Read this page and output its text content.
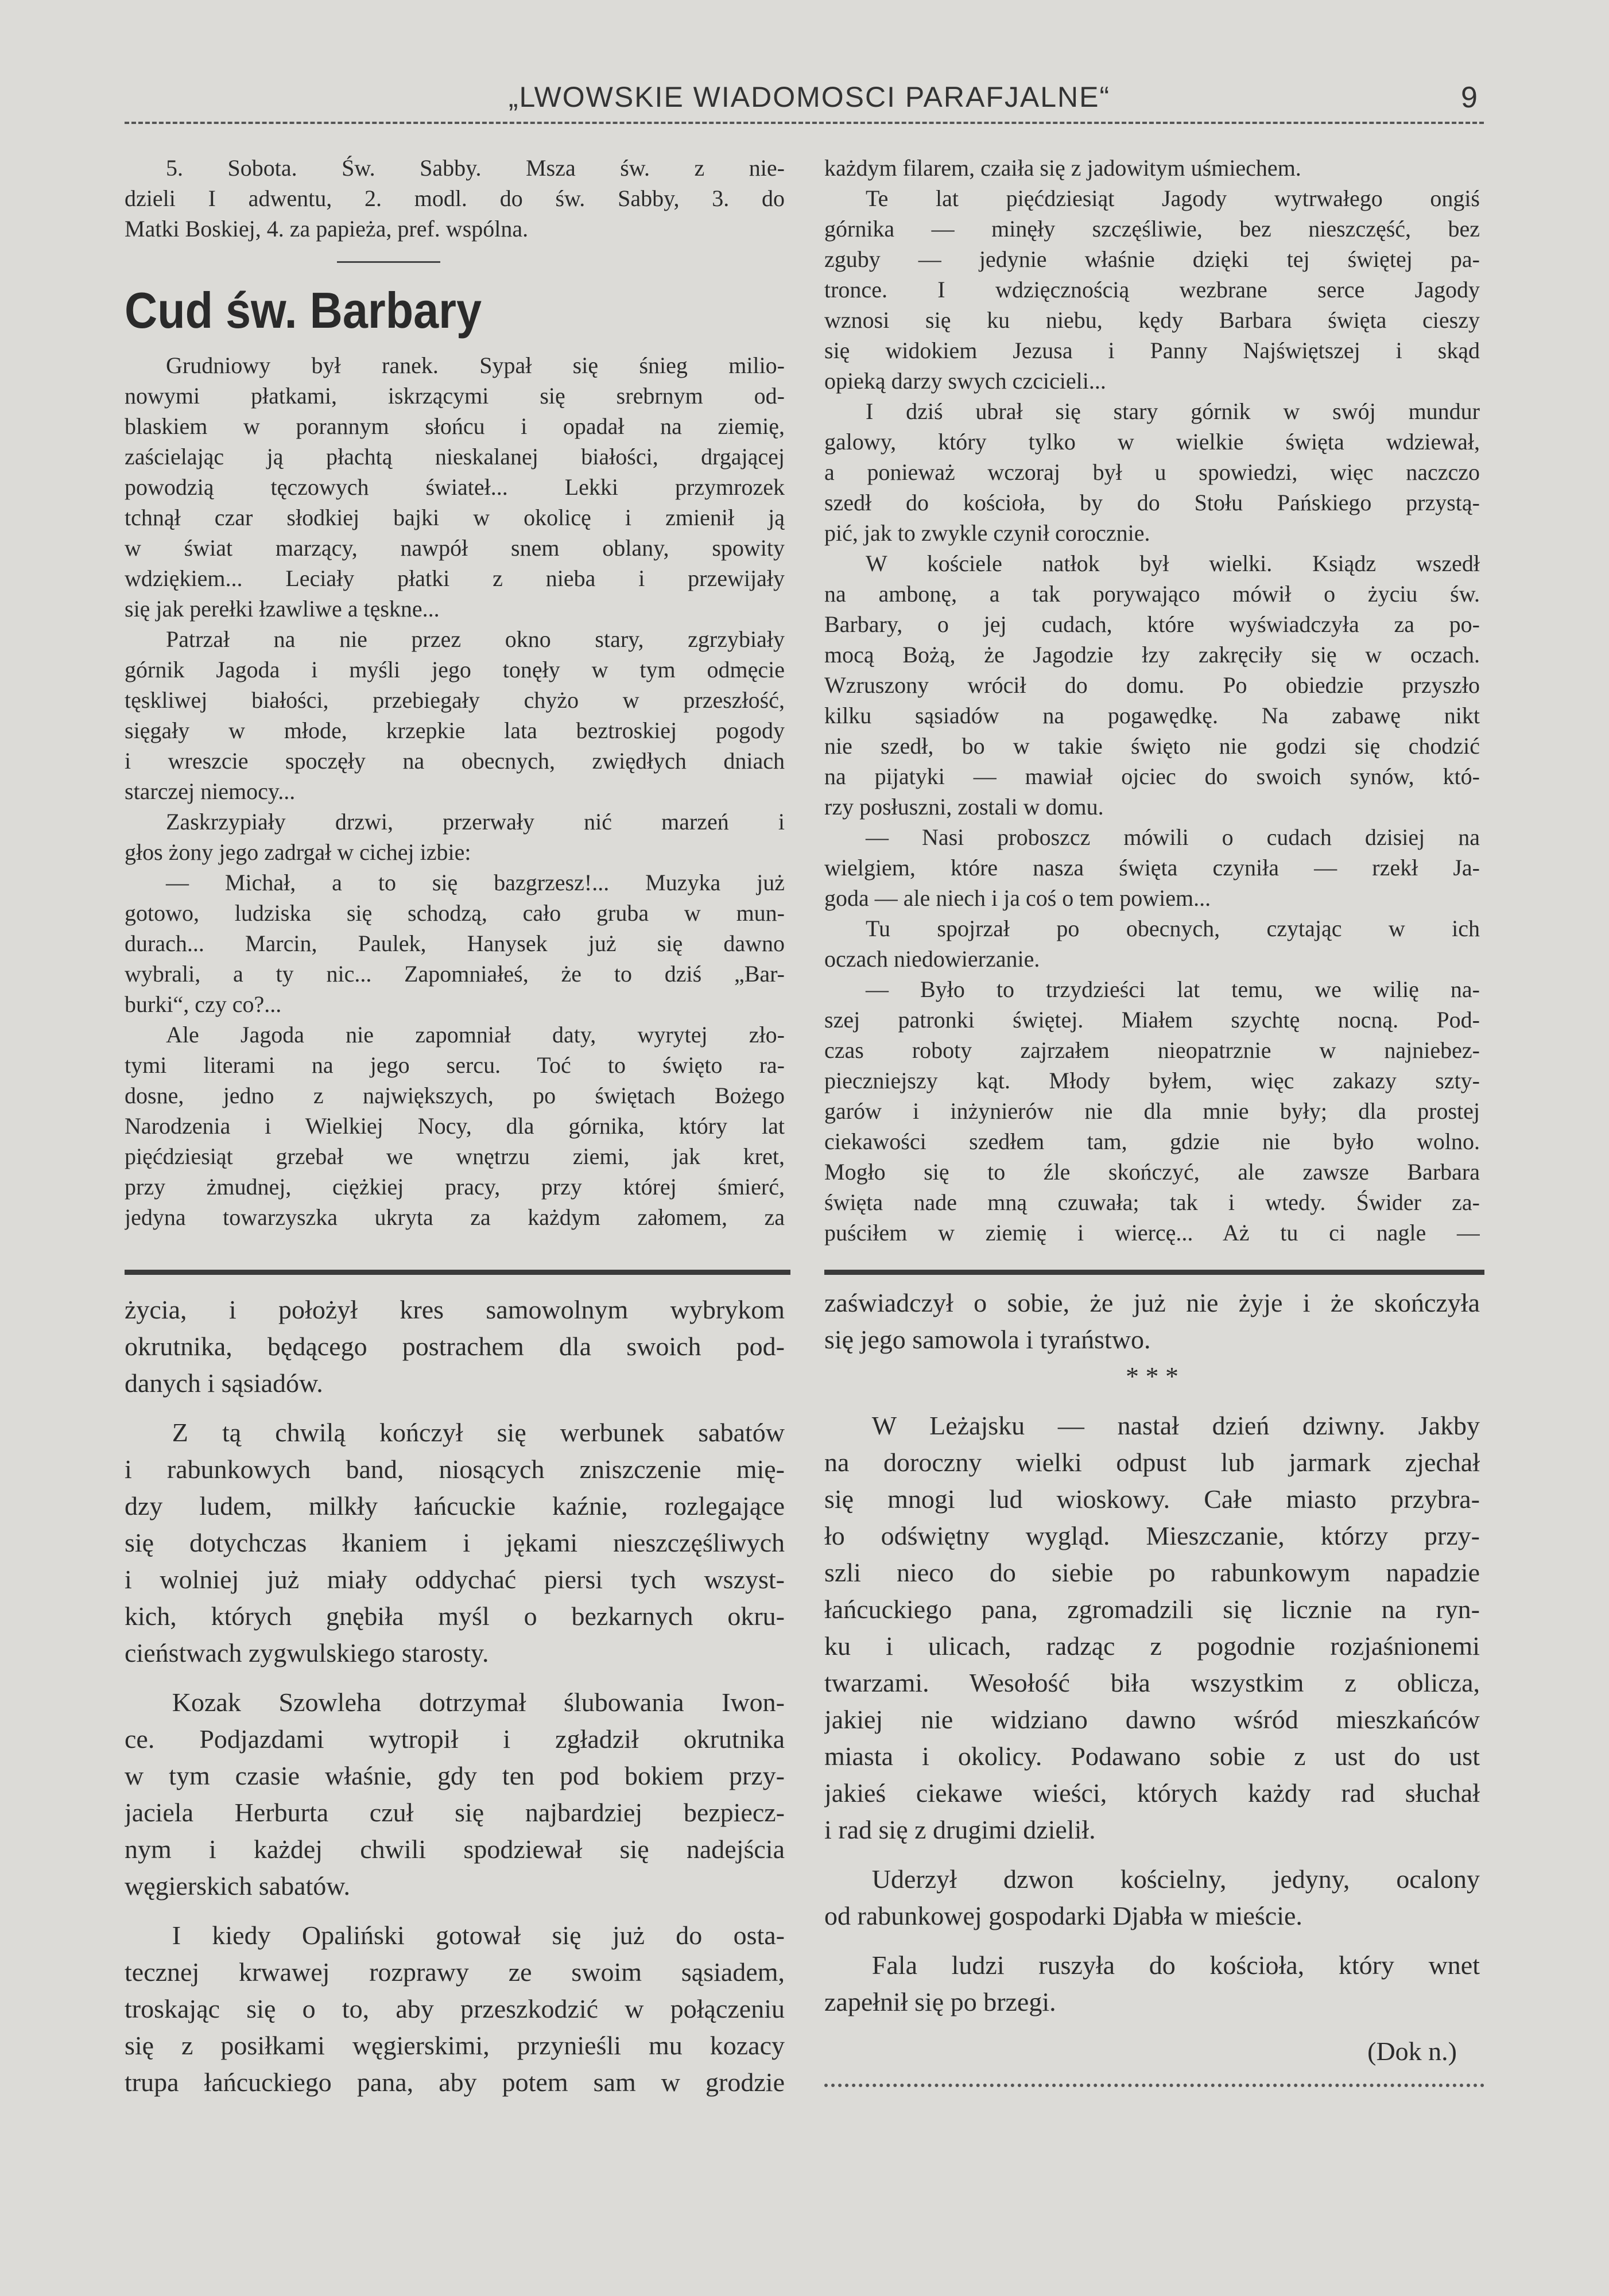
„LWOWSKIE WIADOMOSCI PARAFJALNE“	9
5. Sobota. Św. Sabby. Msza św. z nie-
dzieli I adwentu, 2. modl. do św. Sabby, 3. do
Matki Boskiej, 4. za papieża, pref. wspólna.
Cud św. Barbary
Grudniowy był ranek. Sypał się śnieg milio-
nowymi płatkami, iskrzącymi się srebrnym od-
blaskiem w porannym słońcu i opadał na ziemię,
zaścielając ją płachtą nieskalanej białości, drgającej
powodzią tęczowych świateł... Lekki przymrozek
tchnął czar słodkiej bajki w okolicę i zmienił ją
w świat marzący, nawpół snem oblany, spowity
wdziękiem... Leciały płatki z nieba i przewijały
się jak perełki łzawliwe a tęskne...
Patrzał na nie przez okno stary, zgrzybiały
górnik Jagoda i myśli jego tonęły w tym odmęcie
tęskliwej białości, przebiegały chyżo w przeszłość,
sięgały w młode, krzepkie lata beztroskiej pogody
i wreszcie spoczęły na obecnych, zwiędłych dniach
starczej niemocy...
Zaskrzypiały drzwi, przerwały nić marzeń i
głos żony jego zadrgał w cichej izbie:
— Michał, a to się bazgrzesz!... Muzyka już
gotowo, ludziska się schodzą, cało gruba w mun-
durach... Marcin, Paulek, Hanysek już się dawno
wybrali, a ty nic... Zapomniałeś, że to dziś „Bar-
burki“, czy co?...
Ale Jagoda nie zapomniał daty, wyrytej zło-
tymi literami na jego sercu. Toć to święto ra-
dosne, jedno z największych, po świętach Bożego
Narodzenia i Wielkiej Nocy, dla górnika, który lat
pięćdziesiąt grzebał we wnętrzu ziemi, jak kret,
przy żmudnej, ciężkiej pracy, przy której śmierć,
jedyna towarzyszka ukryta za każdym załomem, za
każdym filarem, czaiła się z jadowitym uśmiechem.
Te lat pięćdziesiąt Jagody wytrwałego ongiś
górnika — minęły szczęśliwie, bez nieszczęść, bez
zguby — jedynie właśnie dzięki tej świętej pa-
tronce. I wdzięcznością wezbrane serce Jagody
wznosi się ku niebu, kędy Barbara święta cieszy
się widokiem Jezusa i Panny Najświętszej i skąd
opieką darzy swych czcicieli...
I dziś ubrał się stary górnik w swój mundur
galowy, który tylko w wielkie święta wdziewał,
a ponieważ wczoraj był u spowiedzi, więc naczczo
szedł do kościoła, by do Stołu Pańskiego przystą-
pić, jak to zwykle czynił corocznie.
W kościele natłok był wielki. Ksiądz wszedł
na ambonę, a tak porywająco mówił o życiu św.
Barbary, o jej cudach, które wyświadczyła za po-
mocą Bożą, że Jagodzie łzy zakręciły się w oczach.
Wzruszony wrócił do domu. Po obiedzie przyszło
kilku sąsiadów na pogawędkę. Na zabawę nikt
nie szedł, bo w takie święto nie godzi się chodzić
na pijatyki — mawiał ojciec do swoich synów, któ-
rzy posłuszni, zostali w domu.
— Nasi proboszcz mówili o cudach dzisiej na
wielgiem, które nasza święta czyniła — rzekł Ja-
goda — ale niech i ja coś o tem powiem...
Tu spojrzał po obecnych, czytając w ich
oczach niedowierzanie.
— Było to trzydzieści lat temu, we wilię na-
szej patronki świętej. Miałem szychtę nocną. Pod-
czas roboty zajrzałem nieopatrznie w najniebez-
pieczniejszy kąt. Młody byłem, więc zakazy szty-
garów i inżynierów nie dla mnie były; dla prostej
ciekawości szedłem tam, gdzie nie było wolno.
Mogło się to źle skończyć, ale zawsze Barbara
święta nade mną czuwała; tak i wtedy. Świder za-
puściłem w ziemię i wiercę... Aż tu ci nagle —
życia, i położył kres samowolnym wybrykom
okrutnika, będącego postrachem dla swoich pod-
danych i sąsiadów.
Z tą chwilą kończył się werbunek sabatów
i rabunkowych band, niosących zniszczenie mię-
dzy ludem, milkły łańcuckie kaźnie, rozlegające
się dotychczas łkaniem i jękami nieszczęśliwych
i wolniej już miały oddychać piersi tych wszyst-
kich, których gnębiła myśl o bezkarnych okru-
cieństwach zygwulskiego starosty.
Kozak Szowleha dotrzymał ślubowania Iwon-
ce. Podjazdami wytropił i zgładził okrutnika
w tym czasie właśnie, gdy ten pod bokiem przy-
jaciela Herburta czuł się najbardziej bezpiecz-
nym i każdej chwili spodziewał się nadejścia
węgierskich sabatów.
I kiedy Opaliński gotował się już do osta-
tecznej krwawej rozprawy ze swoim sąsiadem,
troskając się o to, aby przeszkodzić w połączeniu
się z posiłkami węgierskimi, przynieśli mu kozacy
trupa łańcuckiego pana, aby potem sam w grodzie
zaświadczył o sobie, że już nie żyje i że skończyła
się jego samowola i tyraństwo.
* * *
W Leżajsku — nastał dzień dziwny. Jakby
na doroczny wielki odpust lub jarmark zjechał
się mnogi lud wioskowy. Całe miasto przybra-
ło odświętny wygląd. Mieszczanie, którzy przy-
szli nieco do siebie po rabunkowym napadzie
łańcuckiego pana, zgromadzili się licznie na ryn-
ku i ulicach, radząc z pogodnie rozjaśnionemi
twarzami. Wesołość biła wszystkim z oblicza,
jakiej nie widziano dawno wśród mieszkańców
miasta i okolicy. Podawano sobie z ust do ust
jakieś ciekawe wieści, których każdy rad słuchał
i rad się z drugimi dzielił.
Uderzył dzwon kościelny, jedyny, ocalony
od rabunkowej gospodarki Djabła w mieście.
Fala ludzi ruszyła do kościoła, który wnet
zapełnił się po brzegi.
(Dok n.)
